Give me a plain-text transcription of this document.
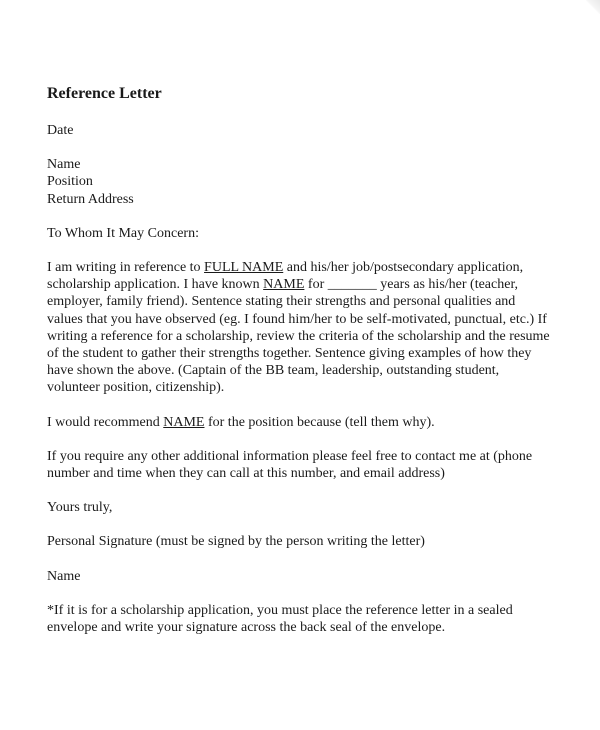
Reference Letter
Date
Name
Position
Return Address
To Whom It May Concern:
I am writing in reference to FULL NAME and his/her job/postsecondary application,
scholarship application. I have known NAME for _______ years as his/her (teacher,
employer, family friend). Sentence stating their strengths and personal qualities and
values that you have observed (eg. I found him/her to be self-motivated, punctual, etc.) If
writing a reference for a scholarship, review the criteria of the scholarship and the resume
of the student to gather their strengths together. Sentence giving examples of how they
have shown the above. (Captain of the BB team, leadership, outstanding student,
volunteer position, citizenship).
I would recommend NAME for the position because (tell them why).
If you require any other additional information please feel free to contact me at (phone
number and time when they can call at this number, and email address)
Yours truly,
Personal Signature (must be signed by the person writing the letter)
Name
*If it is for a scholarship application, you must place the reference letter in a sealed
envelope and write your signature across the back seal of the envelope.
